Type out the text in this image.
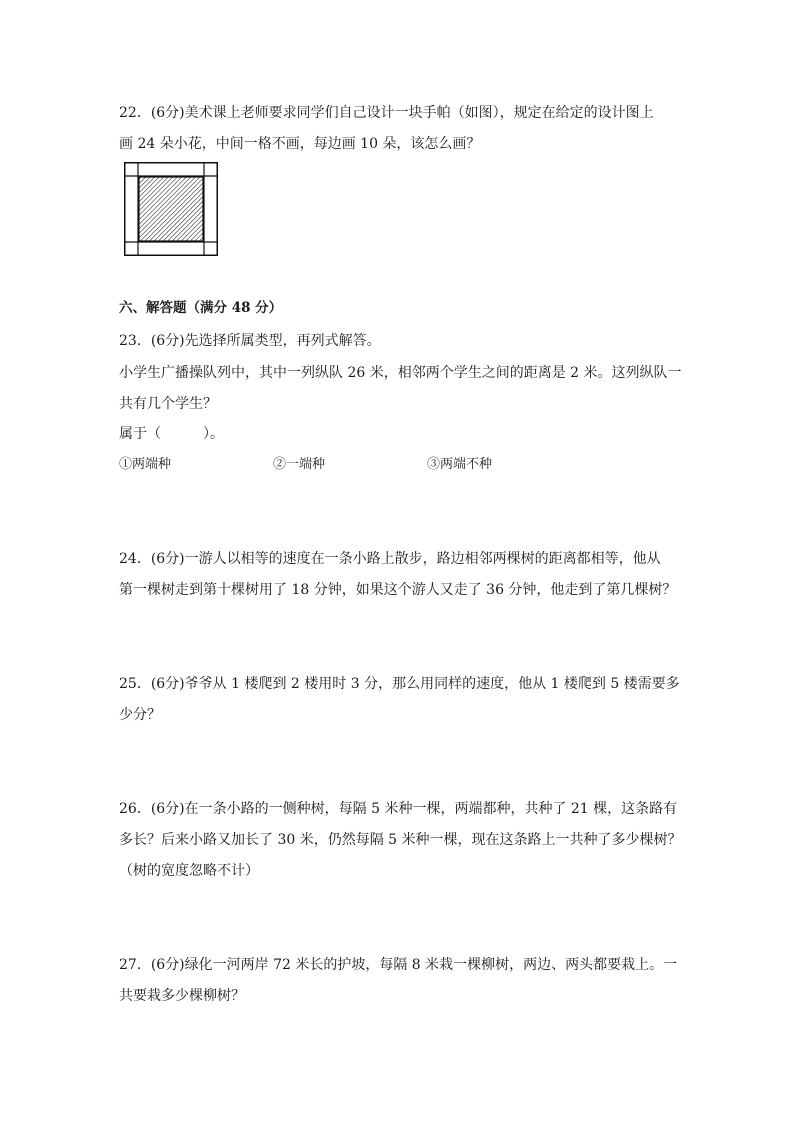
22．(6分)美术课上老师要求同学们自己设计一块手帕（如图），规定在给定的设计图上
画 24 朵小花，中间一格不画，每边画 10 朵，该怎么画？
六、解答题（满分 48 分）
23．(6分)先选择所属类型，再列式解答。
小学生广播操队列中，其中一列纵队 26 米，相邻两个学生之间的距离是 2 米。这列纵队一
共有几个学生？
属于（　　　）。
①两端种	②一端种	③两端不种
24．(6分)一游人以相等的速度在一条小路上散步，路边相邻两棵树的距离都相等，他从
第一棵树走到第十棵树用了 18 分钟，如果这个游人又走了 36 分钟，他走到了第几棵树？
25．(6分)爷爷从 1 楼爬到 2 楼用时 3 分，那么用同样的速度，他从 1 楼爬到 5 楼需要多
少分？
26．(6分)在一条小路的一侧种树，每隔 5 米种一棵，两端都种，共种了 21 棵，这条路有
多长？后来小路又加长了 30 米，仍然每隔 5 米种一棵，现在这条路上一共种了多少棵树？
（树的宽度忽略不计）
27．(6分)绿化一河两岸 72 米长的护坡，每隔 8 米栽一棵柳树，两边、两头都要栽上。一
共要栽多少棵柳树？
